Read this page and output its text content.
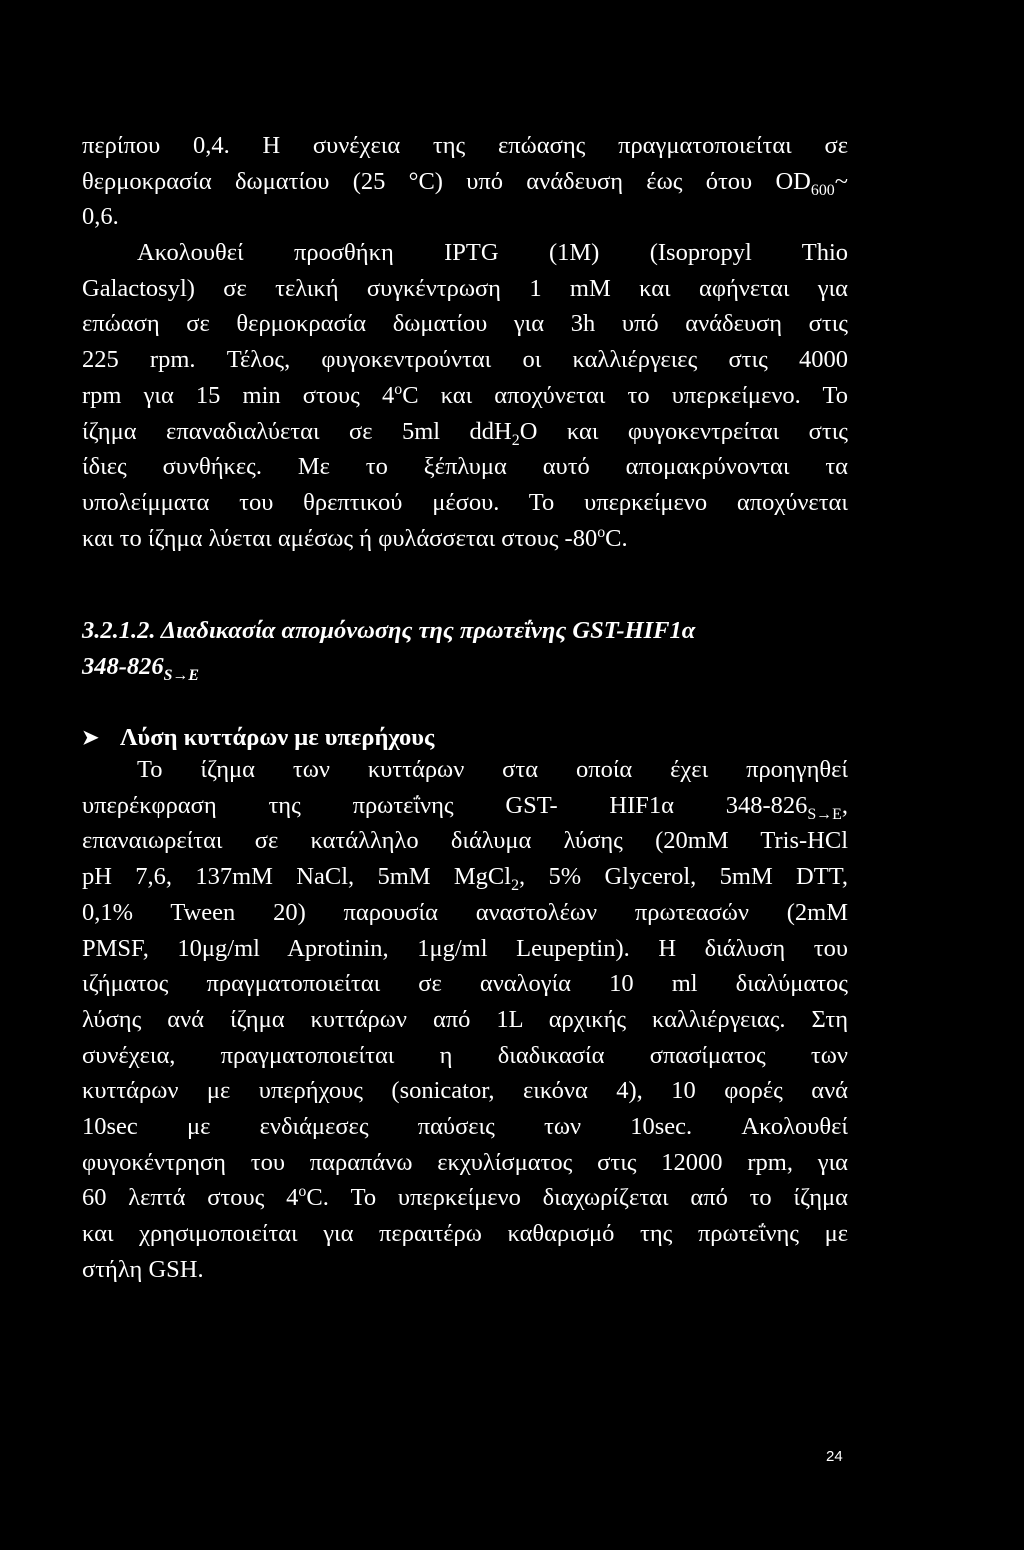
περίπου 0,4. Η συνέχεια της επώασης πραγματοποιείται σε
θερμοκρασία δωματίου (25 °C) υπό ανάδευση έως ότου $OD_{600}\sim$
0,6.
Ακολουθεί προσθήκη IPTG (1M) (Isopropyl Thio
Galactosyl) σε τελική συγκέντρωση 1 mM και αφήνεται για
επώαση σε θερμοκρασία δωματίου για 3h υπό ανάδευση στις
225 rpm. Τέλος, φυγοκεντρούνται οι καλλιέργειες στις 4000
rpm για 15 min στους 4$^o$C και αποχύνεται το υπερκείμενο. Το
ίζημα επαναδιαλύεται σε 5ml ddH$_2$O και φυγοκεντρείται στις
ίδιες συνθήκες. Με το ξέπλυμα αυτό απομακρύνονται τα
υπολείμματα του θρεπτικού μέσου. Το υπερκείμενο αποχύνεται
και το ίζημα λύεται αμέσως ή φυλάσσεται στους -80$^o$C.
3.2.1.2. Διαδικασία απομόνωσης της πρωτεΐνης GST-HIF1α
$348-826_{S\to E}$
➤ Λύση κυττάρων με υπερήχους
Το ίζημα των κυττάρων στα οποία έχει προηγηθεί
υπερέκφραση της πρωτεΐνης GST- HIF1α $348-826_{S\to E}$,
επαναιωρείται σε κατάλληλο διάλυμα λύσης (20mM Tris-HCl
pH 7,6, 137mM NaCl, 5mM MgCl$_2$, 5% Glycerol, 5mM DTT,
0,1% Tween 20) παρουσία αναστολέων πρωτεασών (2mM
PMSF, 10μg/ml Aprotinin, 1μg/ml Leupeptin). Η διάλυση του
ιζήματος πραγματοποιείται σε αναλογία 10 ml διαλύματος
λύσης ανά ίζημα κυττάρων από 1L αρχικής καλλιέργειας. Στη
συνέχεια, πραγματοποιείται η διαδικασία σπασίματος των
κυττάρων με υπερήχους (sonicator, εικόνα 4), 10 φορές ανά
10sec με ενδιάμεσες παύσεις των 10sec. Ακολουθεί
φυγοκέντρηση του παραπάνω εκχυλίσματος στις 12000 rpm, για
60 λεπτά στους 4$^o$C. Το υπερκείμενο διαχωρίζεται από το ίζημα
και χρησιμοποιείται για περαιτέρω καθαρισμό της πρωτεΐνης με
στήλη GSH.
24
